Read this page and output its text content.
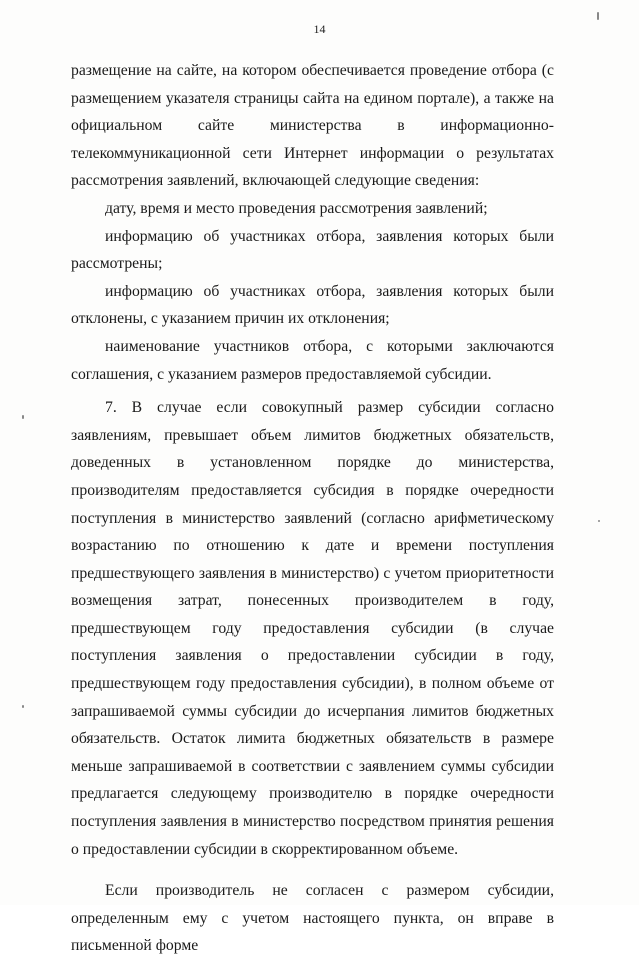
14

размещение на сайте, на котором обеспечивается проведение отбора (с размещением указателя страницы сайта на едином портале), а также на официальном сайте министерства в информационно-телекоммуникационной сети Интернет информации о результатах рассмотрения заявлений, включающей следующие сведения:

дату, время и место проведения рассмотрения заявлений;

информацию об участниках отбора, заявления которых были рассмотрены;

информацию об участниках отбора, заявления которых были отклонены, с указанием причин их отклонения;

наименование участников отбора, с которыми заключаются соглашения, с указанием размеров предоставляемой субсидии.

7. В случае если совокупный размер субсидии согласно заявлениям, превышает объем лимитов бюджетных обязательств, доведенных в установленном порядке до министерства, производителям предоставляется субсидия в порядке очередности поступления в министерство заявлений (согласно арифметическому возрастанию по отношению к дате и времени поступления предшествующего заявления в министерство) с учетом приоритетности возмещения затрат, понесенных производителем в году, предшествующем году предоставления субсидии (в случае поступления заявления о предоставлении субсидии в году, предшествующем году предоставления субсидии), в полном объеме от запрашиваемой суммы субсидии до исчерпания лимитов бюджетных обязательств. Остаток лимита бюджетных обязательств в размере меньше запрашиваемой в соответствии с заявлением суммы субсидии предлагается следующему производителю в порядке очередности поступления заявления в министерство посредством принятия решения о предоставлении субсидии в скорректированном объеме.

Если производитель не согласен с размером субсидии, определенным ему с учетом настоящего пункта, он вправе в письменной форме
